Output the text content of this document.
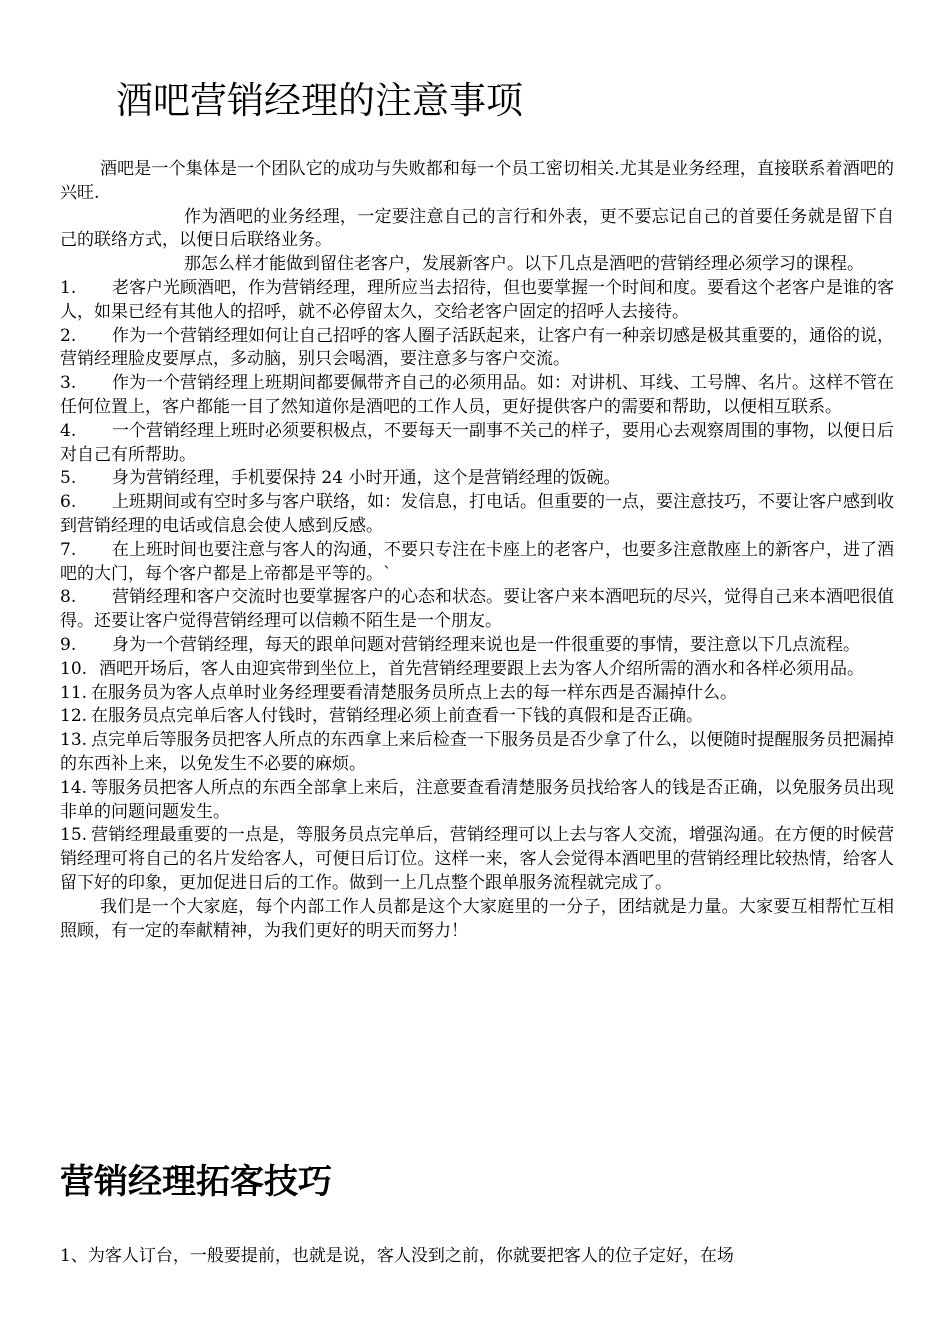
酒吧营销经理的注意事项

酒吧是一个集体是一个团队它的成功与失败都和每一个员工密切相关.尤其是业务经理，直接联系着酒吧的兴旺.

作为酒吧的业务经理，一定要注意自己的言行和外表，更不要忘记自己的首要任务就是留下自己的联络方式，以便日后联络业务。

那怎么样才能做到留住老客户，发展新客户。以下几点是酒吧的营销经理必须学习的课程。

1. 老客户光顾酒吧，作为营销经理，理所应当去招待，但也要掌握一个时间和度。要看这个老客户是谁的客人，如果已经有其他人的招呼，就不必停留太久，交给老客户固定的招呼人去接待。

2. 作为一个营销经理如何让自己招呼的客人圈子活跃起来，让客户有一种亲切感是极其重要的，通俗的说，营销经理脸皮要厚点，多动脑，别只会喝酒，要注意多与客户交流。

3. 作为一个营销经理上班期间都要佩带齐自己的必须用品。如：对讲机、耳线、工号牌、名片。这样不管在任何位置上，客户都能一目了然知道你是酒吧的工作人员，更好提供客户的需要和帮助，以便相互联系。

4. 一个营销经理上班时必须要积极点，不要每天一副事不关己的样子，要用心去观察周围的事物，以便日后对自己有所帮助。

5. 身为营销经理，手机要保持 24 小时开通，这个是营销经理的饭碗。

6. 上班期间或有空时多与客户联络，如：发信息，打电话。但重要的一点，要注意技巧，不要让客户感到收到营销经理的电话或信息会使人感到反感。

7. 在上班时间也要注意与客人的沟通，不要只专注在卡座上的老客户，也要多注意散座上的新客户，进了酒吧的大门，每个客户都是上帝都是平等的。`

8. 营销经理和客户交流时也要掌握客户的心态和状态。要让客户来本酒吧玩的尽兴，觉得自己来本酒吧很值得。还要让客户觉得营销经理可以信赖不陌生是一个朋友。

9. 身为一个营销经理，每天的跟单问题对营销经理来说也是一件很重要的事情，要注意以下几点流程。

10. 酒吧开场后，客人由迎宾带到坐位上，首先营销经理要跟上去为客人介绍所需的酒水和各样必须用品。

11. 在服务员为客人点单时业务经理要看清楚服务员所点上去的每一样东西是否漏掉什么。

12. 在服务员点完单后客人付钱时，营销经理必须上前查看一下钱的真假和是否正确。

13. 点完单后等服务员把客人所点的东西拿上来后检查一下服务员是否少拿了什么，以便随时提醒服务员把漏掉的东西补上来，以免发生不必要的麻烦。

14. 等服务员把客人所点的东西全部拿上来后，注意要查看清楚服务员找给客人的钱是否正确，以免服务员出现非单的问题问题发生。

15. 营销经理最重要的一点是，等服务员点完单后，营销经理可以上去与客人交流，增强沟通。在方便的时候营销经理可将自己的名片发给客人，可便日后订位。这样一来，客人会觉得本酒吧里的营销经理比较热情，给客人留下好的印象，更加促进日后的工作。做到一上几点整个跟单服务流程就完成了。

我们是一个大家庭，每个内部工作人员都是这个大家庭里的一分子，团结就是力量。大家要互相帮忙互相照顾，有一定的奉献精神，为我们更好的明天而努力！

营销经理拓客技巧

1、为客人订台，一般要提前，也就是说，客人没到之前，你就要把客人的位子定好，在场
